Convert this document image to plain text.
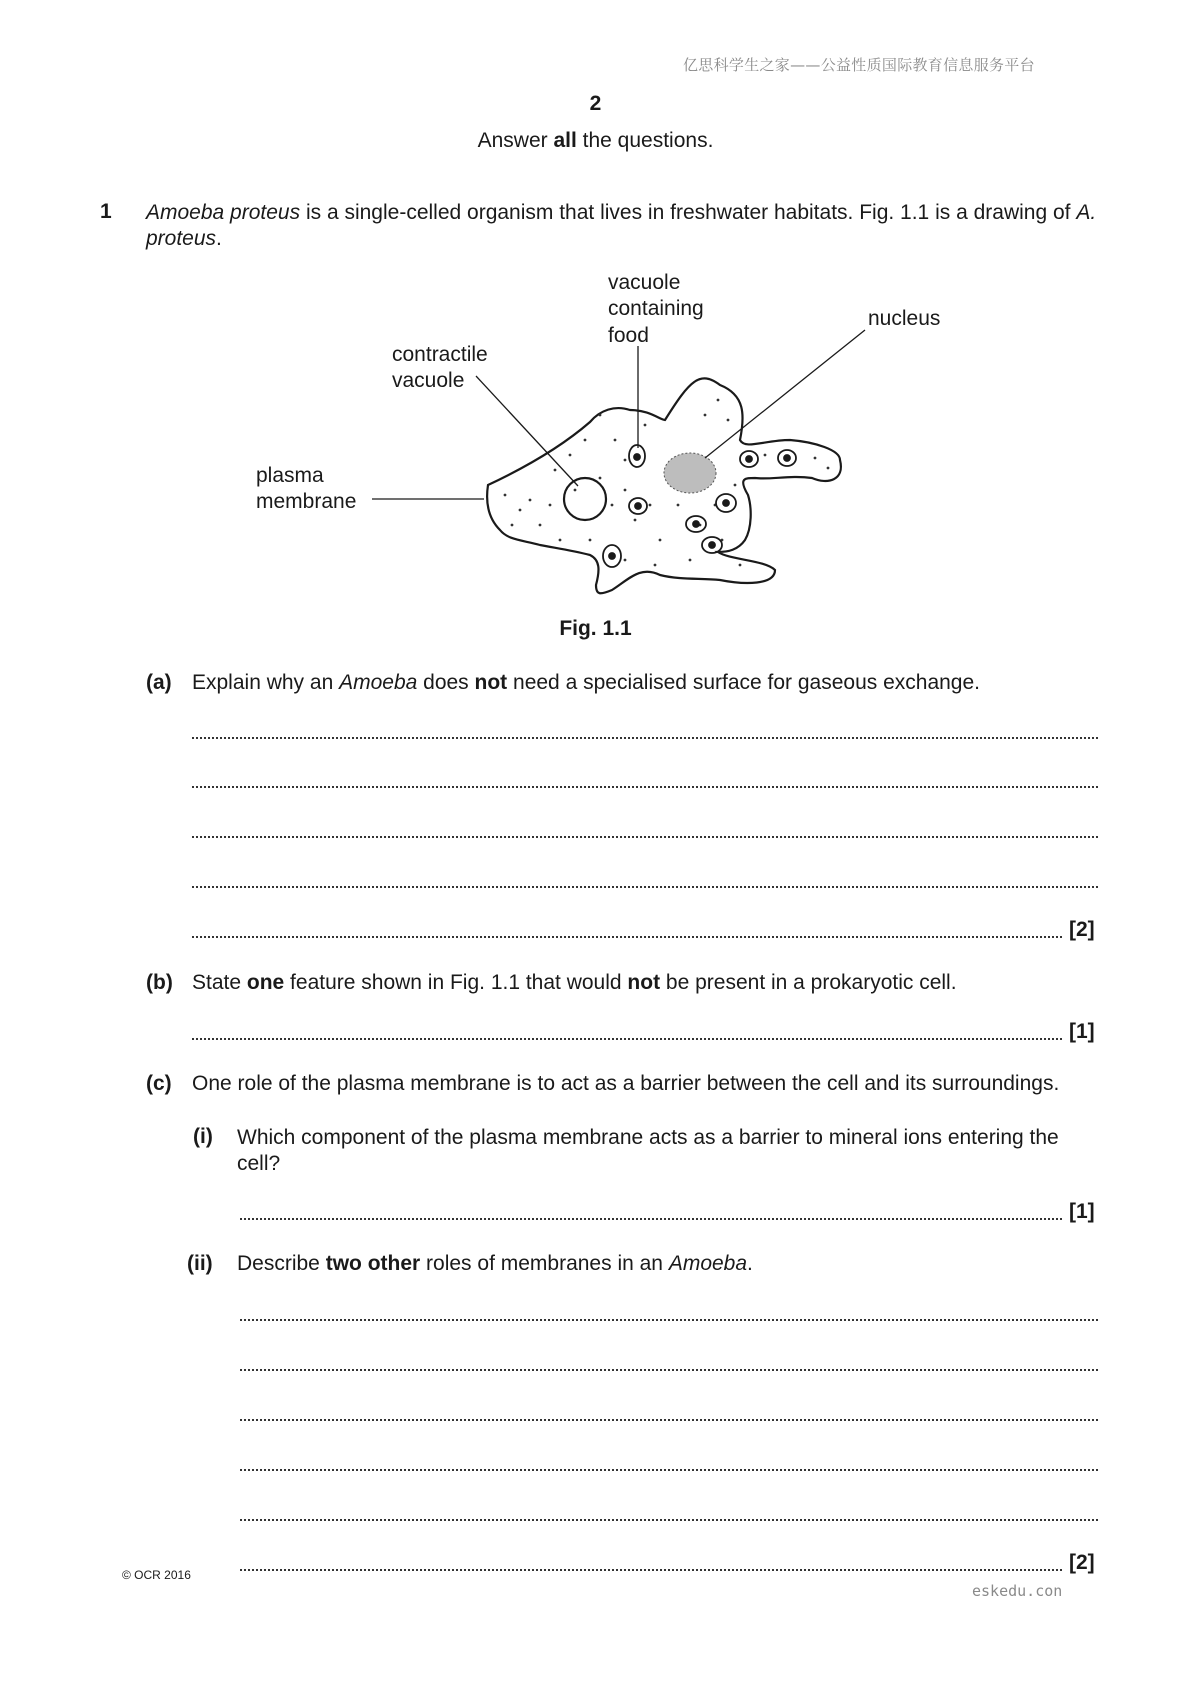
亿思科学生之家——公益性质国际教育信息服务平台
2
Answer all the questions.
1 Amoeba proteus is a single-celled organism that lives in freshwater habitats. Fig. 1.1 is a drawing of A. proteus.
vacuole
containing
food
nucleus
contractile
vacuole
plasma
membrane
Fig. 1.1
(a) Explain why an Amoeba does not need a specialised surface for gaseous exchange.
[2]
(b) State one feature shown in Fig. 1.1 that would not be present in a prokaryotic cell.
[1]
(c) One role of the plasma membrane is to act as a barrier between the cell and its surroundings.
(i) Which component of the plasma membrane acts as a barrier to mineral ions entering the cell?
[1]
(ii) Describe two other roles of membranes in an Amoeba.
[2]
© OCR 2016
eskedu.con
